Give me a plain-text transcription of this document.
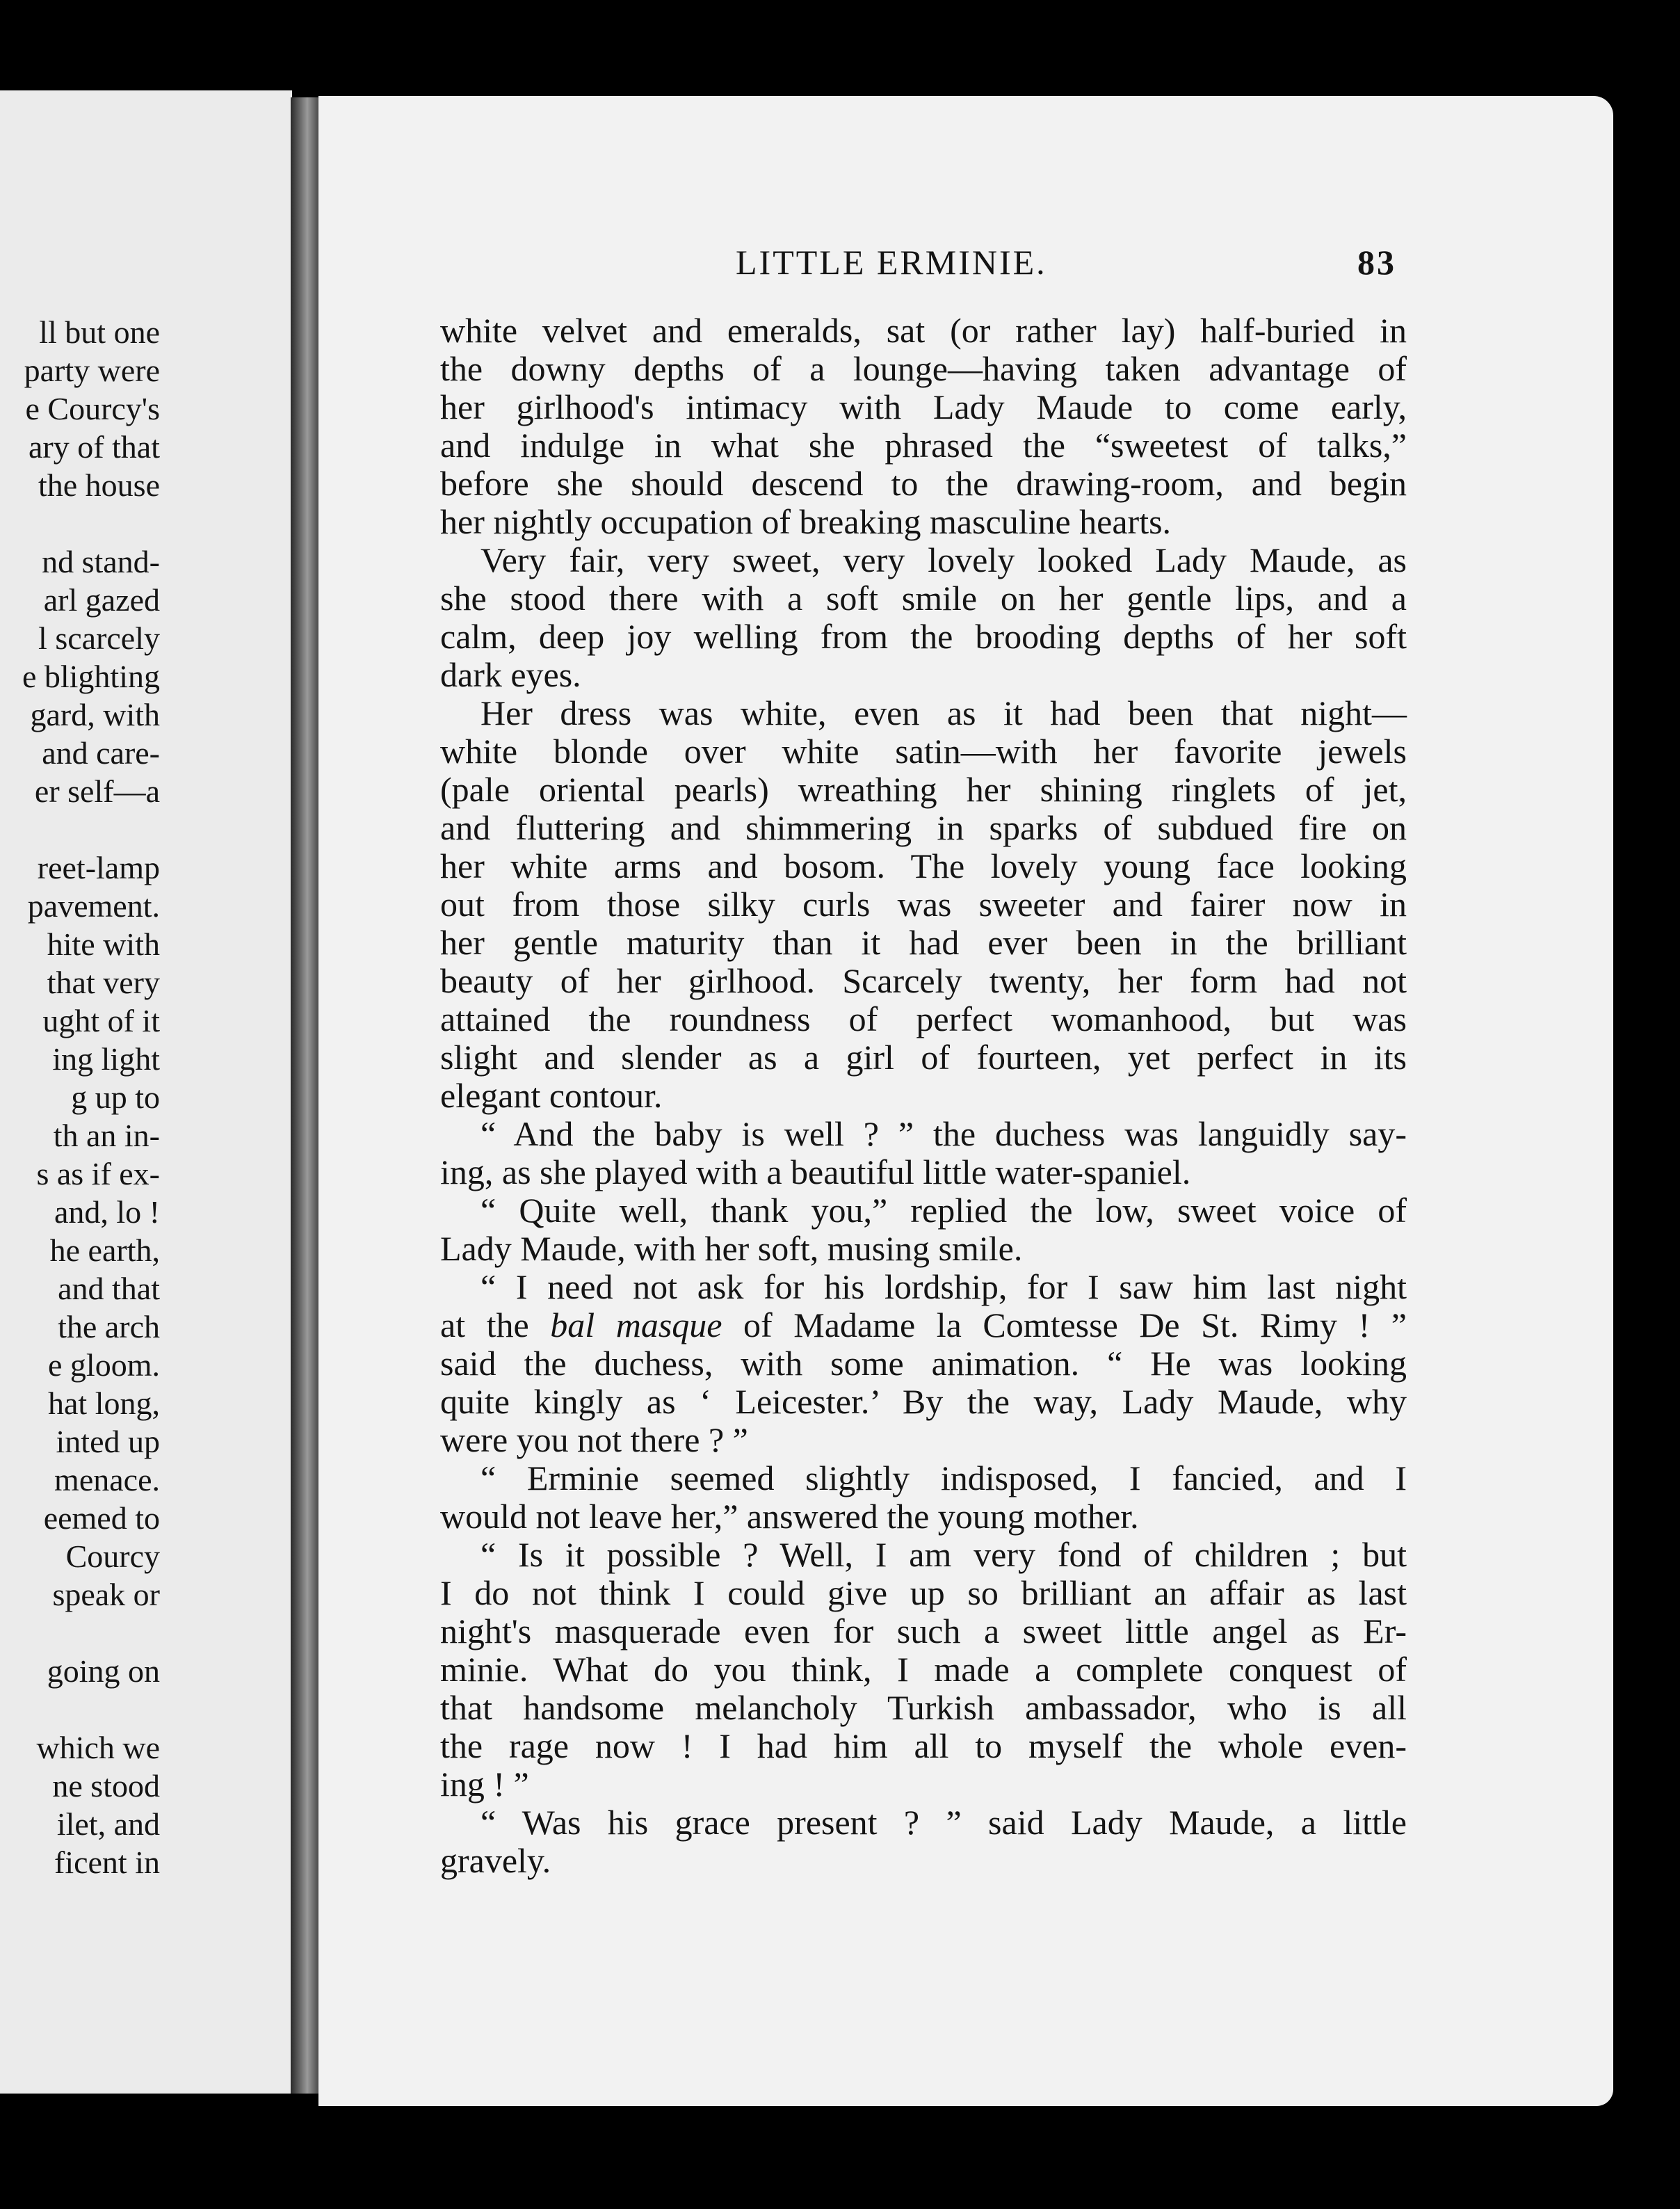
ll but one
party were
e Courcy's
ary of that
the house
nd stand-
arl gazed
l scarcely
e blighting
gard, with
and care-
er self—a
reet-lamp
pavement.
hite with
that very
ught of it
ing light
g up to
th an in-
s as if ex-
and, lo !
he earth,
and that
the arch
e gloom.
hat long,
inted up
menace.
eemed to
Courcy
speak or
going on
which we
ne stood
ilet, and
ficent in
LITTLE ERMINIE.	83
white velvet and emeralds, sat (or rather lay) half-buried in
the downy depths of a lounge—having taken advantage of
her girlhood's intimacy with Lady Maude to come early,
and indulge in what she phrased the “sweetest of talks,”
before she should descend to the drawing-room, and begin
her nightly occupation of breaking masculine hearts.
Very fair, very sweet, very lovely looked Lady Maude, as
she stood there with a soft smile on her gentle lips, and a
calm, deep joy welling from the brooding depths of her soft
dark eyes.
Her dress was white, even as it had been that night—
white blonde over white satin—with her favorite jewels
(pale oriental pearls) wreathing her shining ringlets of jet,
and fluttering and shimmering in sparks of subdued fire on
her white arms and bosom. The lovely young face looking
out from those silky curls was sweeter and fairer now in
her gentle maturity than it had ever been in the brilliant
beauty of her girlhood. Scarcely twenty, her form had not
attained the roundness of perfect womanhood, but was
slight and slender as a girl of fourteen, yet perfect in its
elegant contour.
“ And the baby is well ? ” the duchess was languidly say-
ing, as she played with a beautiful little water-spaniel.
“ Quite well, thank you,” replied the low, sweet voice of
Lady Maude, with her soft, musing smile.
“ I need not ask for his lordship, for I saw him last night
at the bal masque of Madame la Comtesse De St. Rimy ! ”
said the duchess, with some animation. “ He was looking
quite kingly as ‘ Leicester.’ By the way, Lady Maude, why
were you not there ? ”
“ Erminie seemed slightly indisposed, I fancied, and I
would not leave her,” answered the young mother.
“ Is it possible ? Well, I am very fond of children ; but
I do not think I could give up so brilliant an affair as last
night's masquerade even for such a sweet little angel as Er-
minie. What do you think, I made a complete conquest of
that handsome melancholy Turkish ambassador, who is all
the rage now ! I had him all to myself the whole even-
ing ! ”
“ Was his grace present ? ” said Lady Maude, a little
gravely.
